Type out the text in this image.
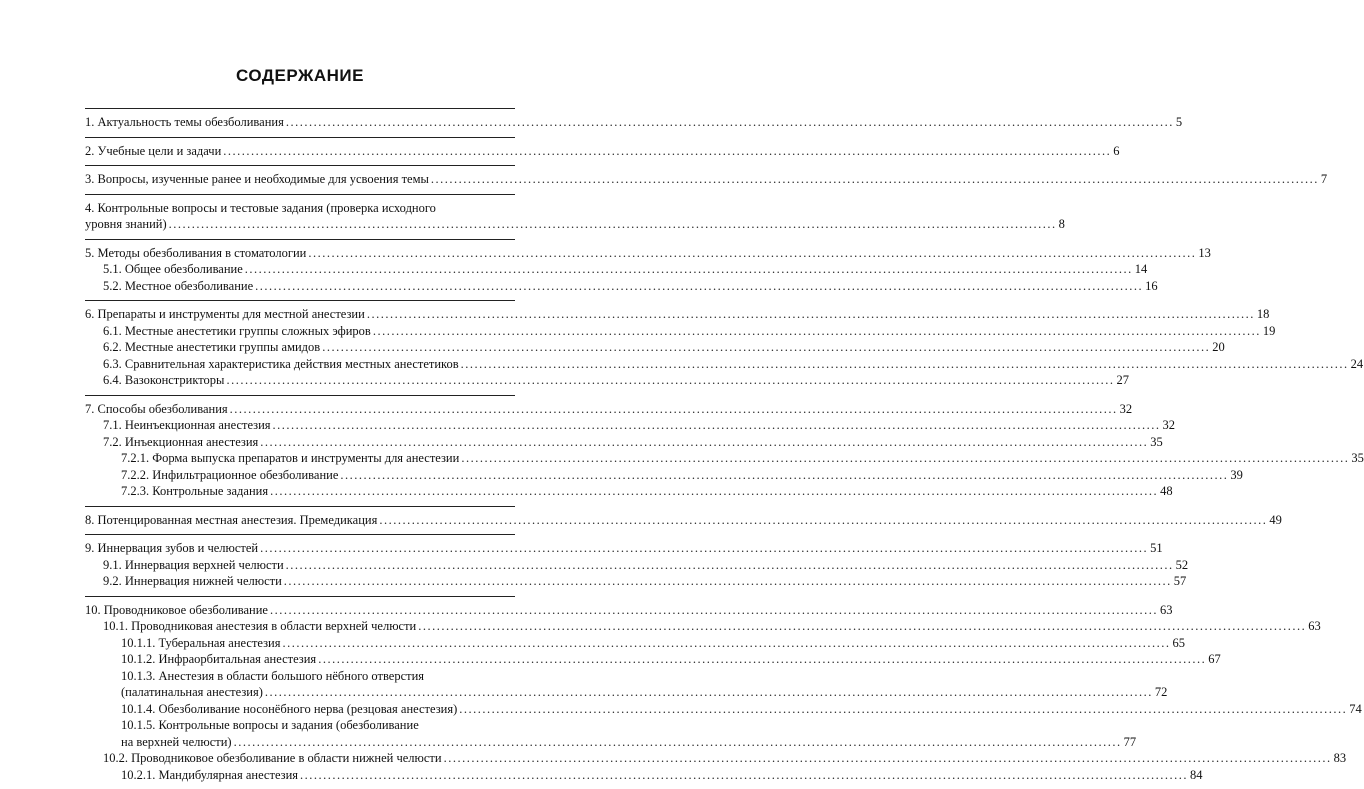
СОДЕРЖАНИЕ
1. Актуальность темы обезболивания .....	5
2. Учебные цели и задачи .....	6
3. Вопросы, изученные ранее и необходимые для усвоения темы .....	7
4. Контрольные вопросы и тестовые задания (проверка исходного
уровня знаний) .....	8
5. Методы обезболивания в стоматологии .....	13
5.1. Общее обезболивание .....	14
5.2. Местное обезболивание .....	16
6. Препараты и инструменты для местной анестезии .....	18
6.1. Местные анестетики группы сложных эфиров .....	19
6.2. Местные анестетики группы амидов .....	20
6.3. Сравнительная характеристика действия местных анестетиков .....	24
6.4. Вазоконстрикторы .....	27
7. Способы обезболивания .....	32
7.1. Неинъекционная анестезия .....	32
7.2. Инъекционная анестезия .....	35
7.2.1. Форма выпуска препаратов и инструменты для анестезии .....	35
7.2.2. Инфильтрационное обезболивание .....	39
7.2.3. Контрольные задания .....	48
8. Потенцированная местная анестезия. Премедикация .....	49
9. Иннервация зубов и челюстей .....	51
9.1. Иннервация верхней челюсти .....	52
9.2. Иннервация нижней челюсти .....	57
10. Проводниковое обезболивание .....	63
10.1. Проводниковая анестезия в области верхней челюсти .....	63
10.1.1. Туберальная анестезия .....	65
10.1.2. Инфраорбитальная анестезия .....	67
10.1.3. Анестезия в области большого нёбного отверстия
(палатинальная анестезия) .....	72
10.1.4. Обезболивание носонёбного нерва (резцовая анестезия) .....	74
10.1.5. Контрольные вопросы и задания (обезболивание
на верхней челюсти) .....	77
10.2. Проводниковое обезболивание в области нижней челюсти .....	83
10.2.1. Мандибулярная анестезия .....	84
